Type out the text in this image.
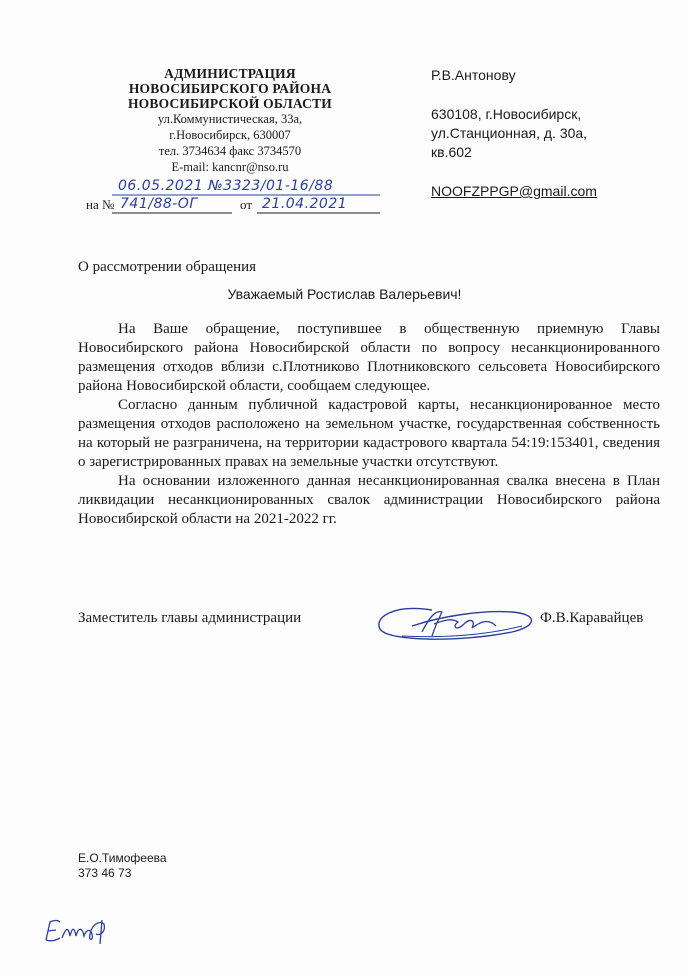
АДМИНИСТРАЦИЯ
НОВОСИБИРСКОГО РАЙОНА
НОВОСИБИРСКОЙ ОБЛАСТИ
ул.Коммунистическая, 33а,
г.Новосибирск, 630007
тел. 3734634 факс 3734570
E-mail: kancnr@nso.ru
06.05.2021 №3323/01-16/88
на № 741/88-ОГ	от 21.04.2021
Р.В.Антонову
630108, г.Новосибирск,
ул.Станционная, д. 30а,
кв.602
NOOFZPPGP@gmail.com
О рассмотрении обращения
Уважаемый Ростислав Валерьевич!

На Ваше обращение, поступившее в общественную приемную Главы Новосибирского района Новосибирской области по вопросу несанкционированного размещения отходов вблизи с.Плотниково Плотниковского сельсовета Новосибирского района Новосибирской области, сообщаем следующее.

Согласно данным публичной кадастровой карты, несанкционированное место размещения отходов расположено на земельном участке, государственная собственность на который не разграничена, на территории кадастрового квартала 54:19:153401, сведения о зарегистрированных правах на земельные участки отсутствуют.

На основании изложенного данная несанкционированная свалка внесена в План ликвидации несанкционированных свалок администрации Новосибирского района Новосибирской области на 2021-2022 гг.

Заместитель главы администрации	Ф.В.Каравайцев
Е.О.Тимофеева
373 46 73
